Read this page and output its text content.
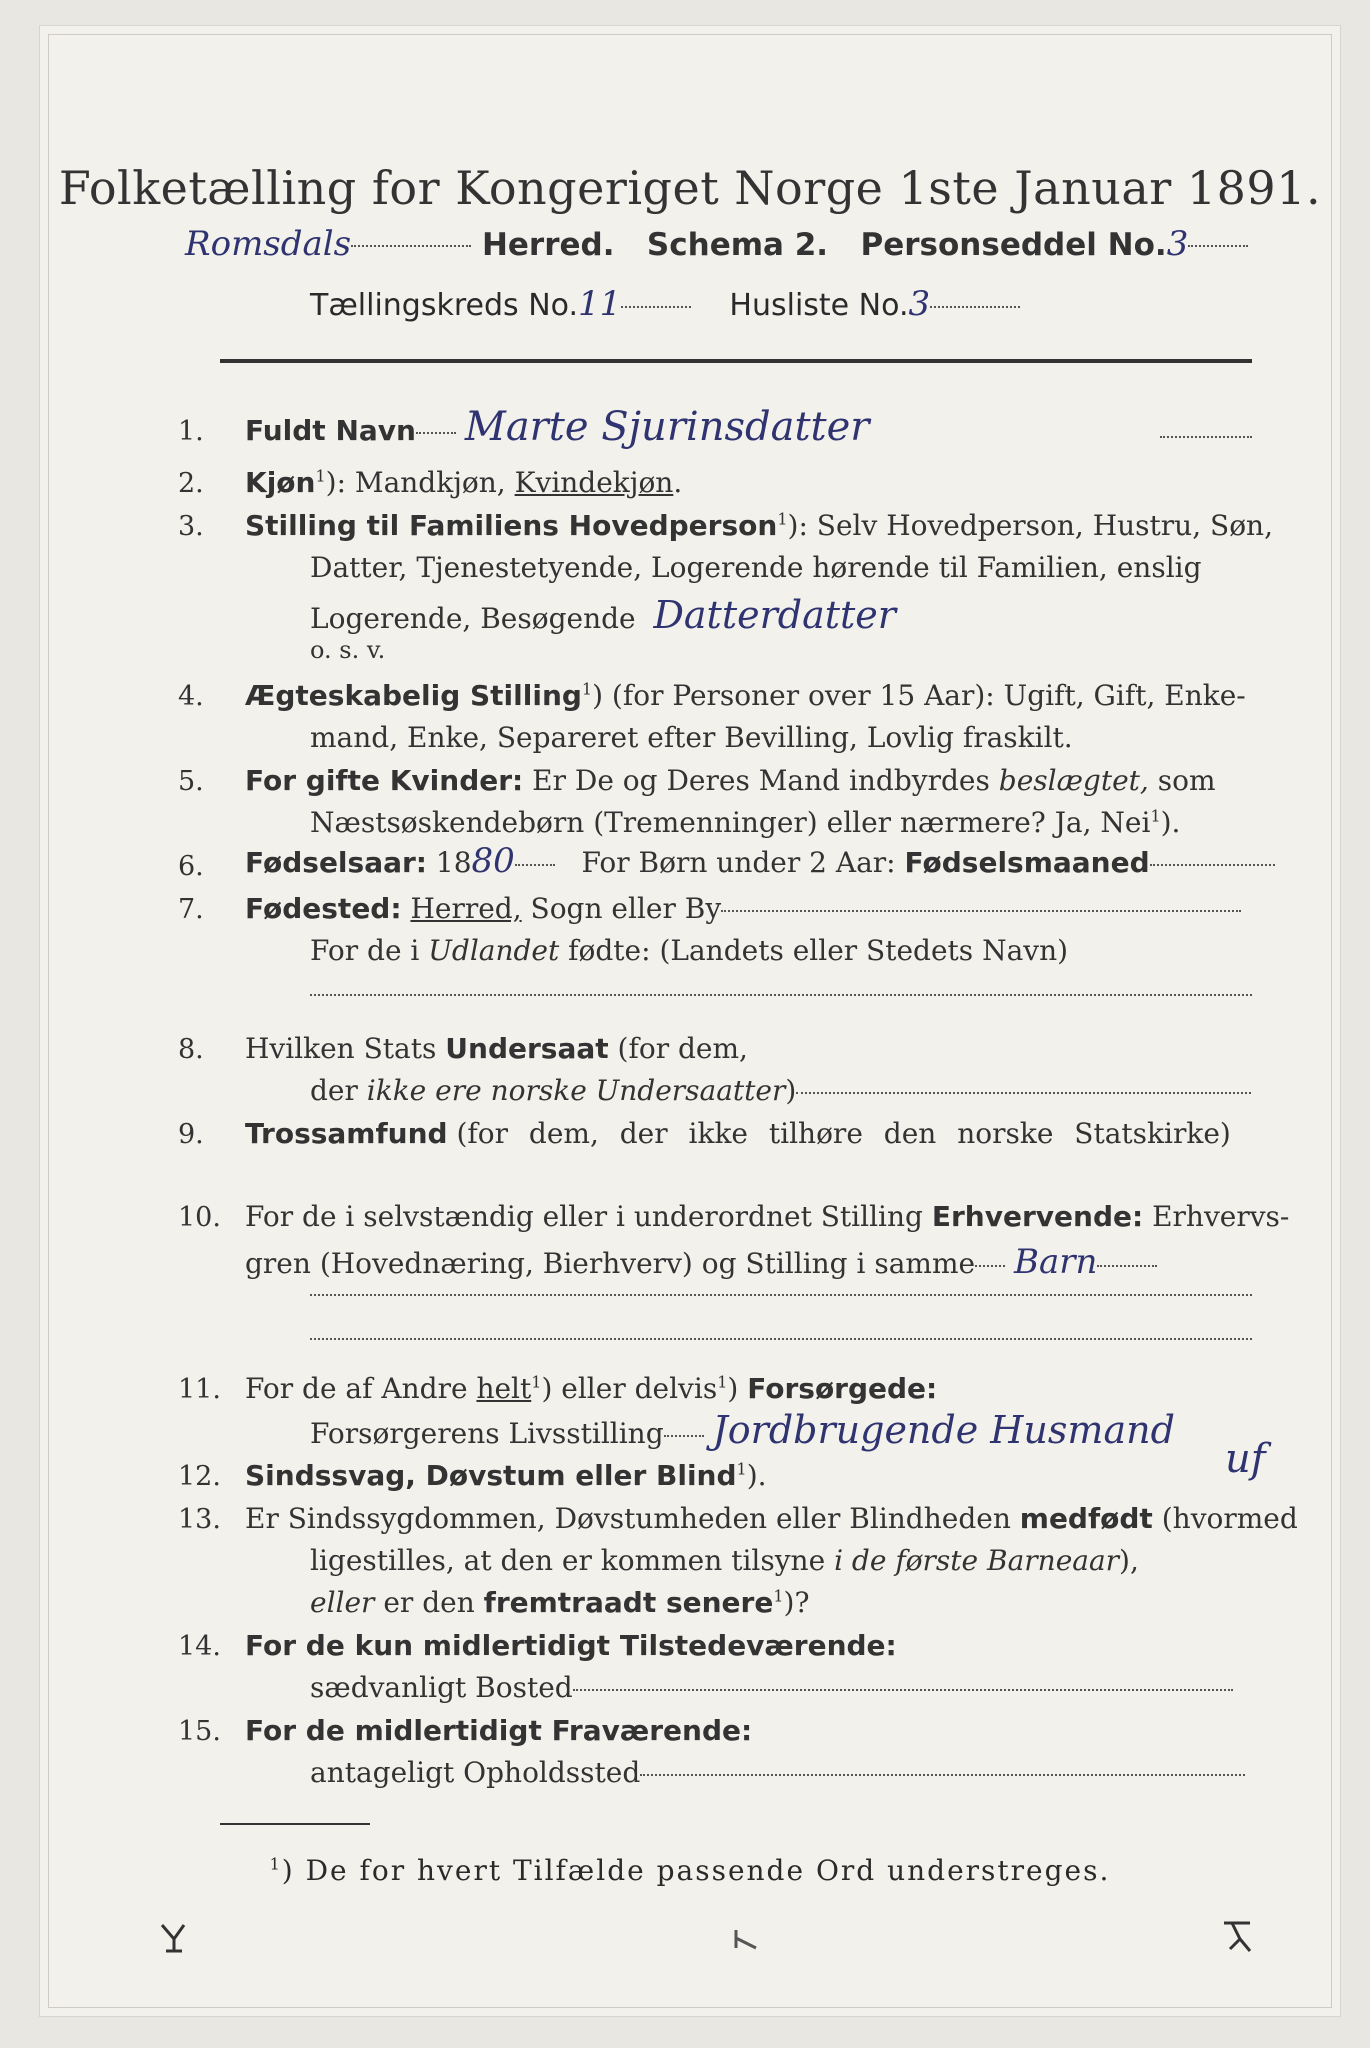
Folketælling for Kongeriget Norge 1ste Januar 1891.
Romsdals	Herred. Schema 2. Personseddel No.3
Tællingskreds No.11	Husliste No.3
1. Fuldt Navn Marte Sjurinsdatter
2. Kjøn$^1$): Mandkjøn, Kvindekjøn.
3. Stilling til Familiens Hovedperson$^1$): Selv Hovedperson, Hustru, Søn,
Datter, Tjenestetyende, Logerende hørende til Familien, enslig
Logerende, Besøgende Datterdatter
o. s. v.
4. Ægteskabelig Stilling$^1$) (for Personer over 15 Aar): Ugift, Gift, Enke-
mand, Enke, Separeret efter Bevilling, Lovlig fraskilt.
5. For gifte Kvinder: Er De og Deres Mand indbyrdes beslægtet, som
Næstsøskendebørn (Tremenninger) eller nærmere? Ja, Nei$^1$).
6. Fødselsaar: 1880 For Børn under 2 Aar: Fødselsmaaned
7. Fødested: Herred, Sogn eller By
For de i Udlandet fødte: (Landets eller Stedets Navn)
8. Hvilken Stats Undersaat (for dem,
der ikke ere norske Undersaatter)
9. Trossamfund (for dem, der ikke tilhøre den norske Statskirke)
10. For de i selvstændig eller i underordnet Stilling Erhvervende: Erhvervs-
gren (Hovednæring, Bierhverv) og Stilling i samme Barn
11. For de af Andre helt$^1$) eller delvis$^1$) Forsørgede:
Forsørgerens Livsstilling Jordbrugende Husmand
12. Sindssvag, Døvstum eller Blind$^1$).	uf
13. Er Sindssygdommen, Døvstumheden eller Blindheden medfødt (hvormed
ligestilles, at den er kommen tilsyne i de første Barneaar),
eller er den fremtraadt senere$^1$)?
14. For de kun midlertidigt Tilstedeværende:
sædvanligt Bosted
15. For de midlertidigt Fraværende:
antageligt Opholdssted
$^1$) De for hvert Tilfælde passende Ord understreges.
